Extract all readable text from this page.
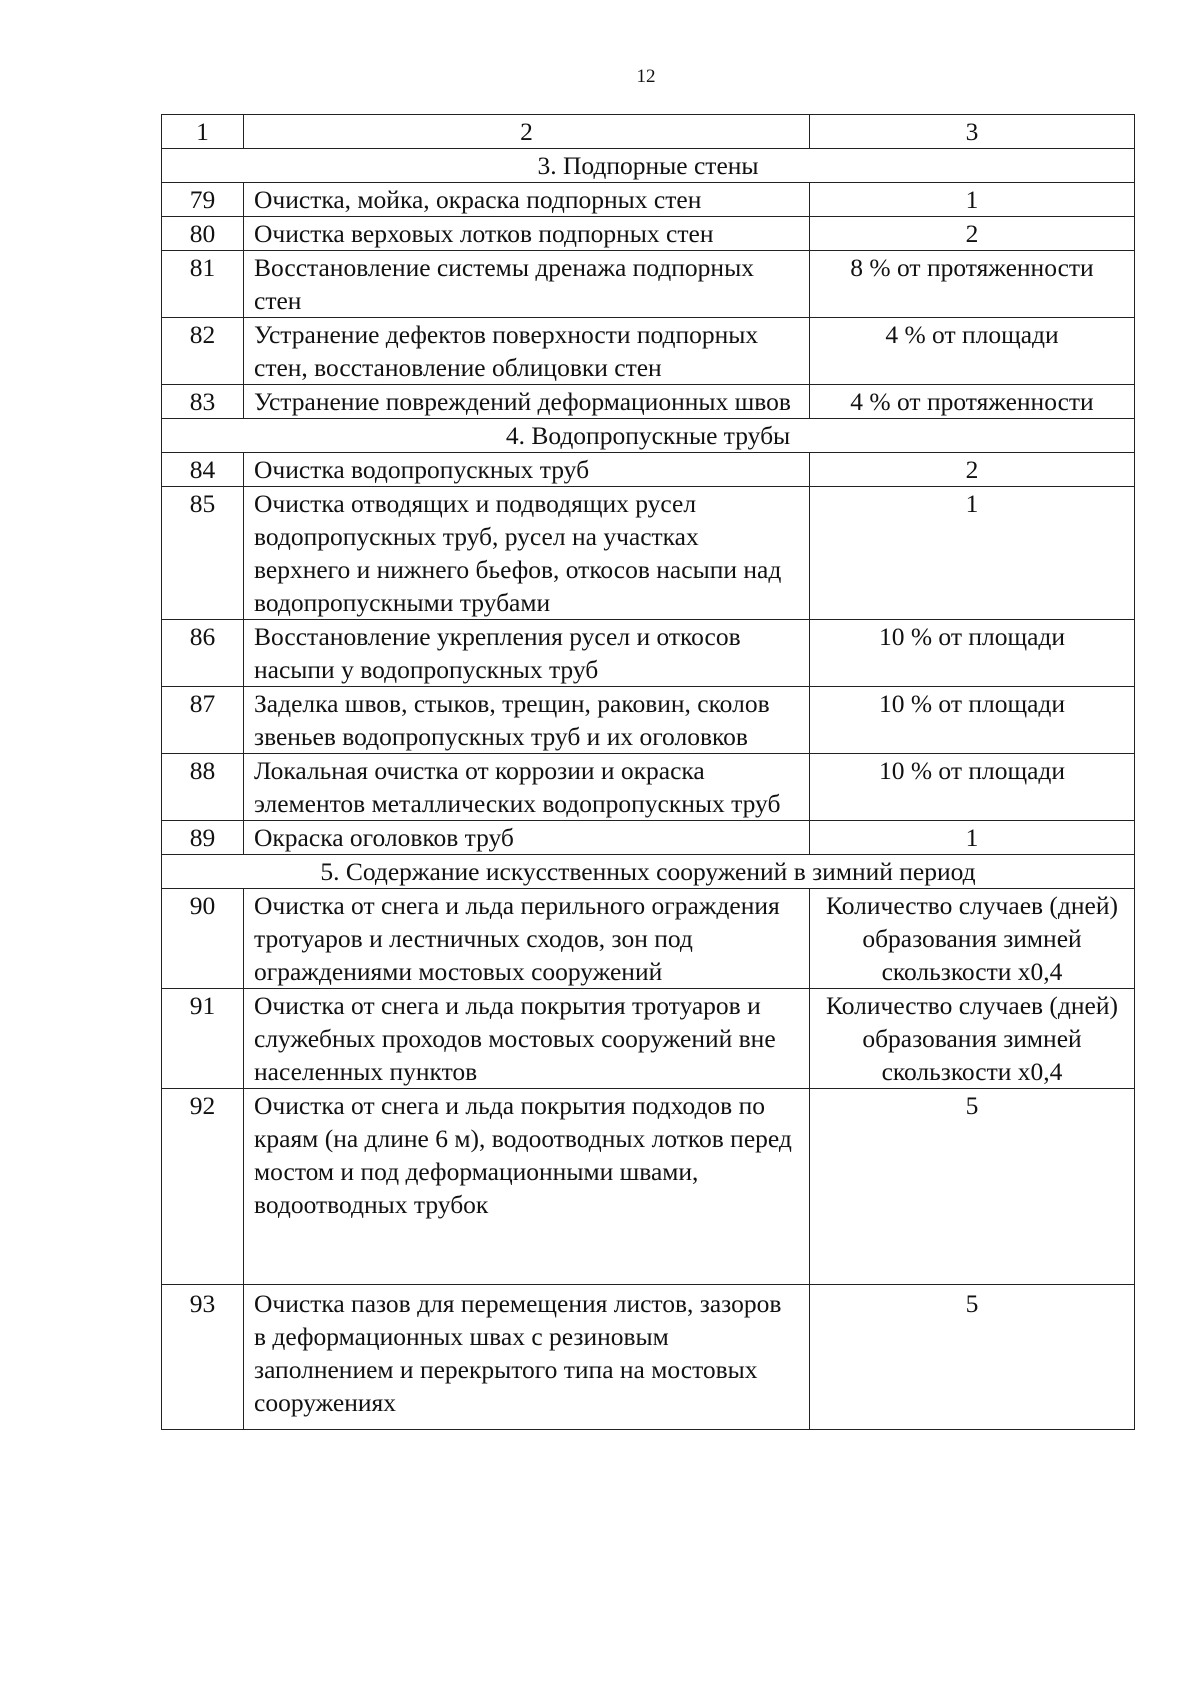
12
1	2	3
3. Подпорные стены		
79	Очистка, мойка, окраска подпорных стен	1
80	Очистка верховых лотков подпорных стен	2
81	Восстановление системы дренажа подпорных стен	8 % от протяженности
82	Устранение дефектов поверхности подпорных стен, восстановление облицовки стен	4 % от площади
83	Устранение повреждений деформационных швов	4 % от протяженности
4. Водопропускные трубы		
84	Очистка водопропускных труб	2
85	Очистка отводящих и подводящих русел водопропускных труб, русел на участках верхнего и нижнего бьефов, откосов насыпи над водопропускными трубами	1
86	Восстановление укрепления русел и откосов насыпи у водопропускных труб	10 % от площади
87	Заделка швов, стыков, трещин, раковин, сколов звеньев водопропускных труб и их оголовков	10 % от площади
88	Локальная очистка от коррозии и окраска элементов металлических водопропускных труб	10 % от площади
89	Окраска оголовков труб	1
5. Содержание искусственных сооружений в зимний период		
90	Очистка от снега и льда перильного ограждения тротуаров и лестничных сходов, зон под ограждениями мостовых сооружений	Количество случаев (дней) образования зимней скользкости х0,4
91	Очистка от снега и льда покрытия тротуаров и служебных проходов мостовых сооружений вне населенных пунктов	Количество случаев (дней) образования зимней скользкости х0,4
92	Очистка от снега и льда покрытия подходов по краям (на длине 6 м), водоотводных лотков перед мостом и под деформационными швами, водоотводных трубок	5
93	Очистка пазов для перемещения листов, зазоров в деформационных швах с резиновым заполнением и перекрытого типа на мостовых сооружениях	5
